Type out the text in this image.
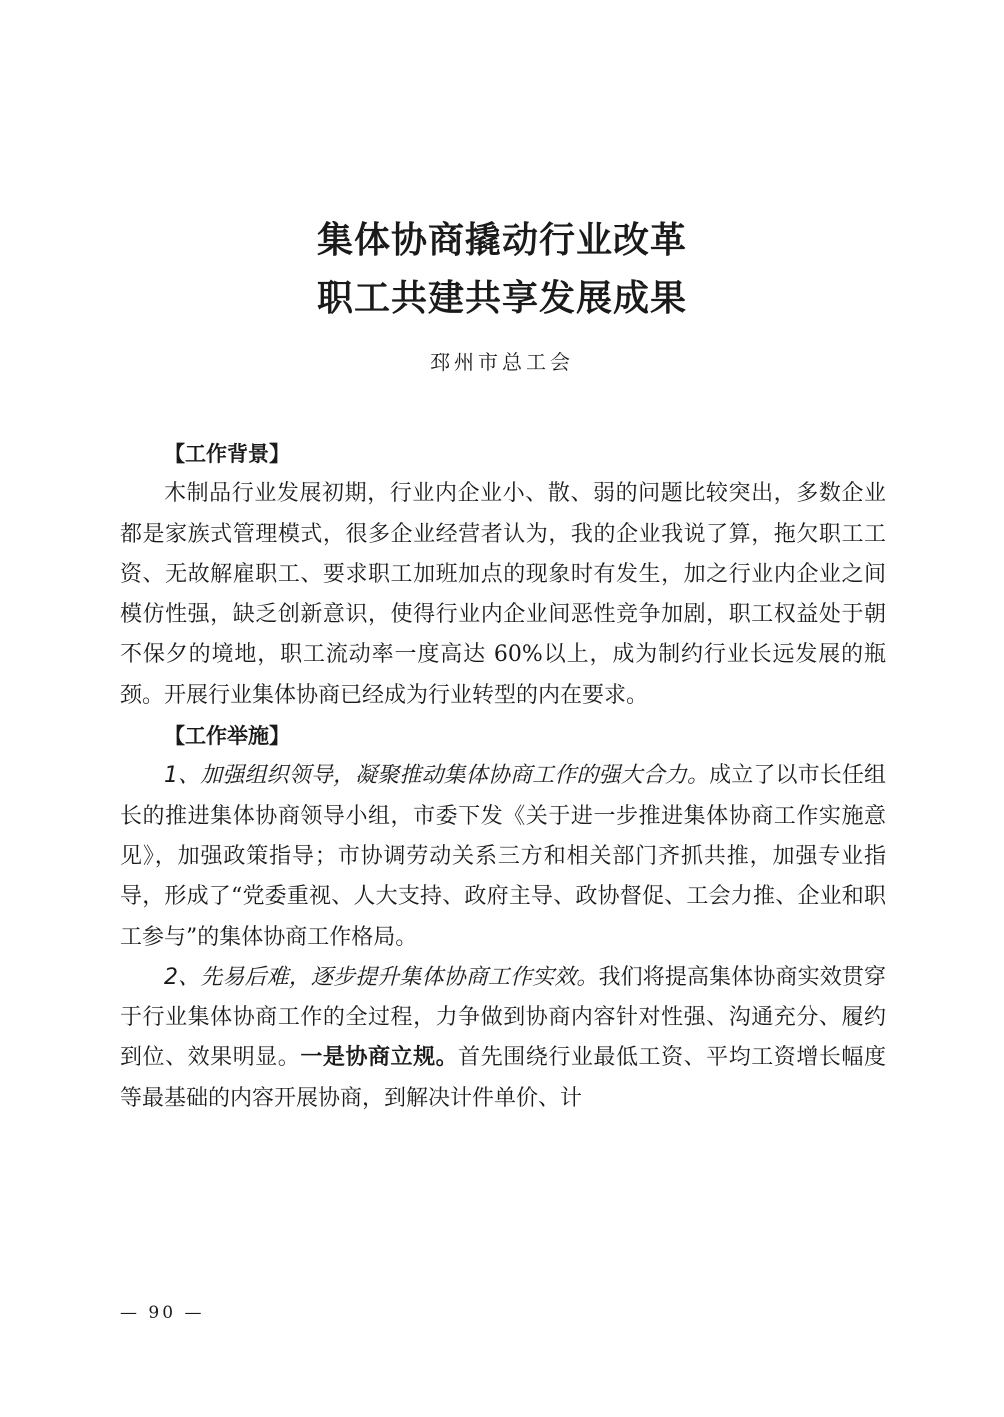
集体协商撬动行业改革
职工共建共享发展成果
邳州市总工会
【工作背景】

木制品行业发展初期，行业内企业小、散、弱的问题比较突出，多数企业都是家族式管理模式，很多企业经营者认为，我的企业我说了算，拖欠职工工资、无故解雇职工、要求职工加班加点的现象时有发生，加之行业内企业之间模仿性强，缺乏创新意识，使得行业内企业间恶性竞争加剧，职工权益处于朝不保夕的境地，职工流动率一度高达 60%以上，成为制约行业长远发展的瓶颈。开展行业集体协商已经成为行业转型的内在要求。

【工作举施】

1、加强组织领导，凝聚推动集体协商工作的强大合力。成立了以市长任组长的推进集体协商领导小组，市委下发《关于进一步推进集体协商工作实施意见》，加强政策指导；市协调劳动关系三方和相关部门齐抓共推，加强专业指导，形成了“党委重视、人大支持、政府主导、政协督促、工会力推、企业和职工参与”的集体协商工作格局。

2、先易后难，逐步提升集体协商工作实效。我们将提高集体协商实效贯穿于行业集体协商工作的全过程，力争做到协商内容针对性强、沟通充分、履约到位、效果明显。一是协商立规。首先围绕行业最低工资、平均工资增长幅度等最基础的内容开展协商，到解决计件单价、计

— 90 —
